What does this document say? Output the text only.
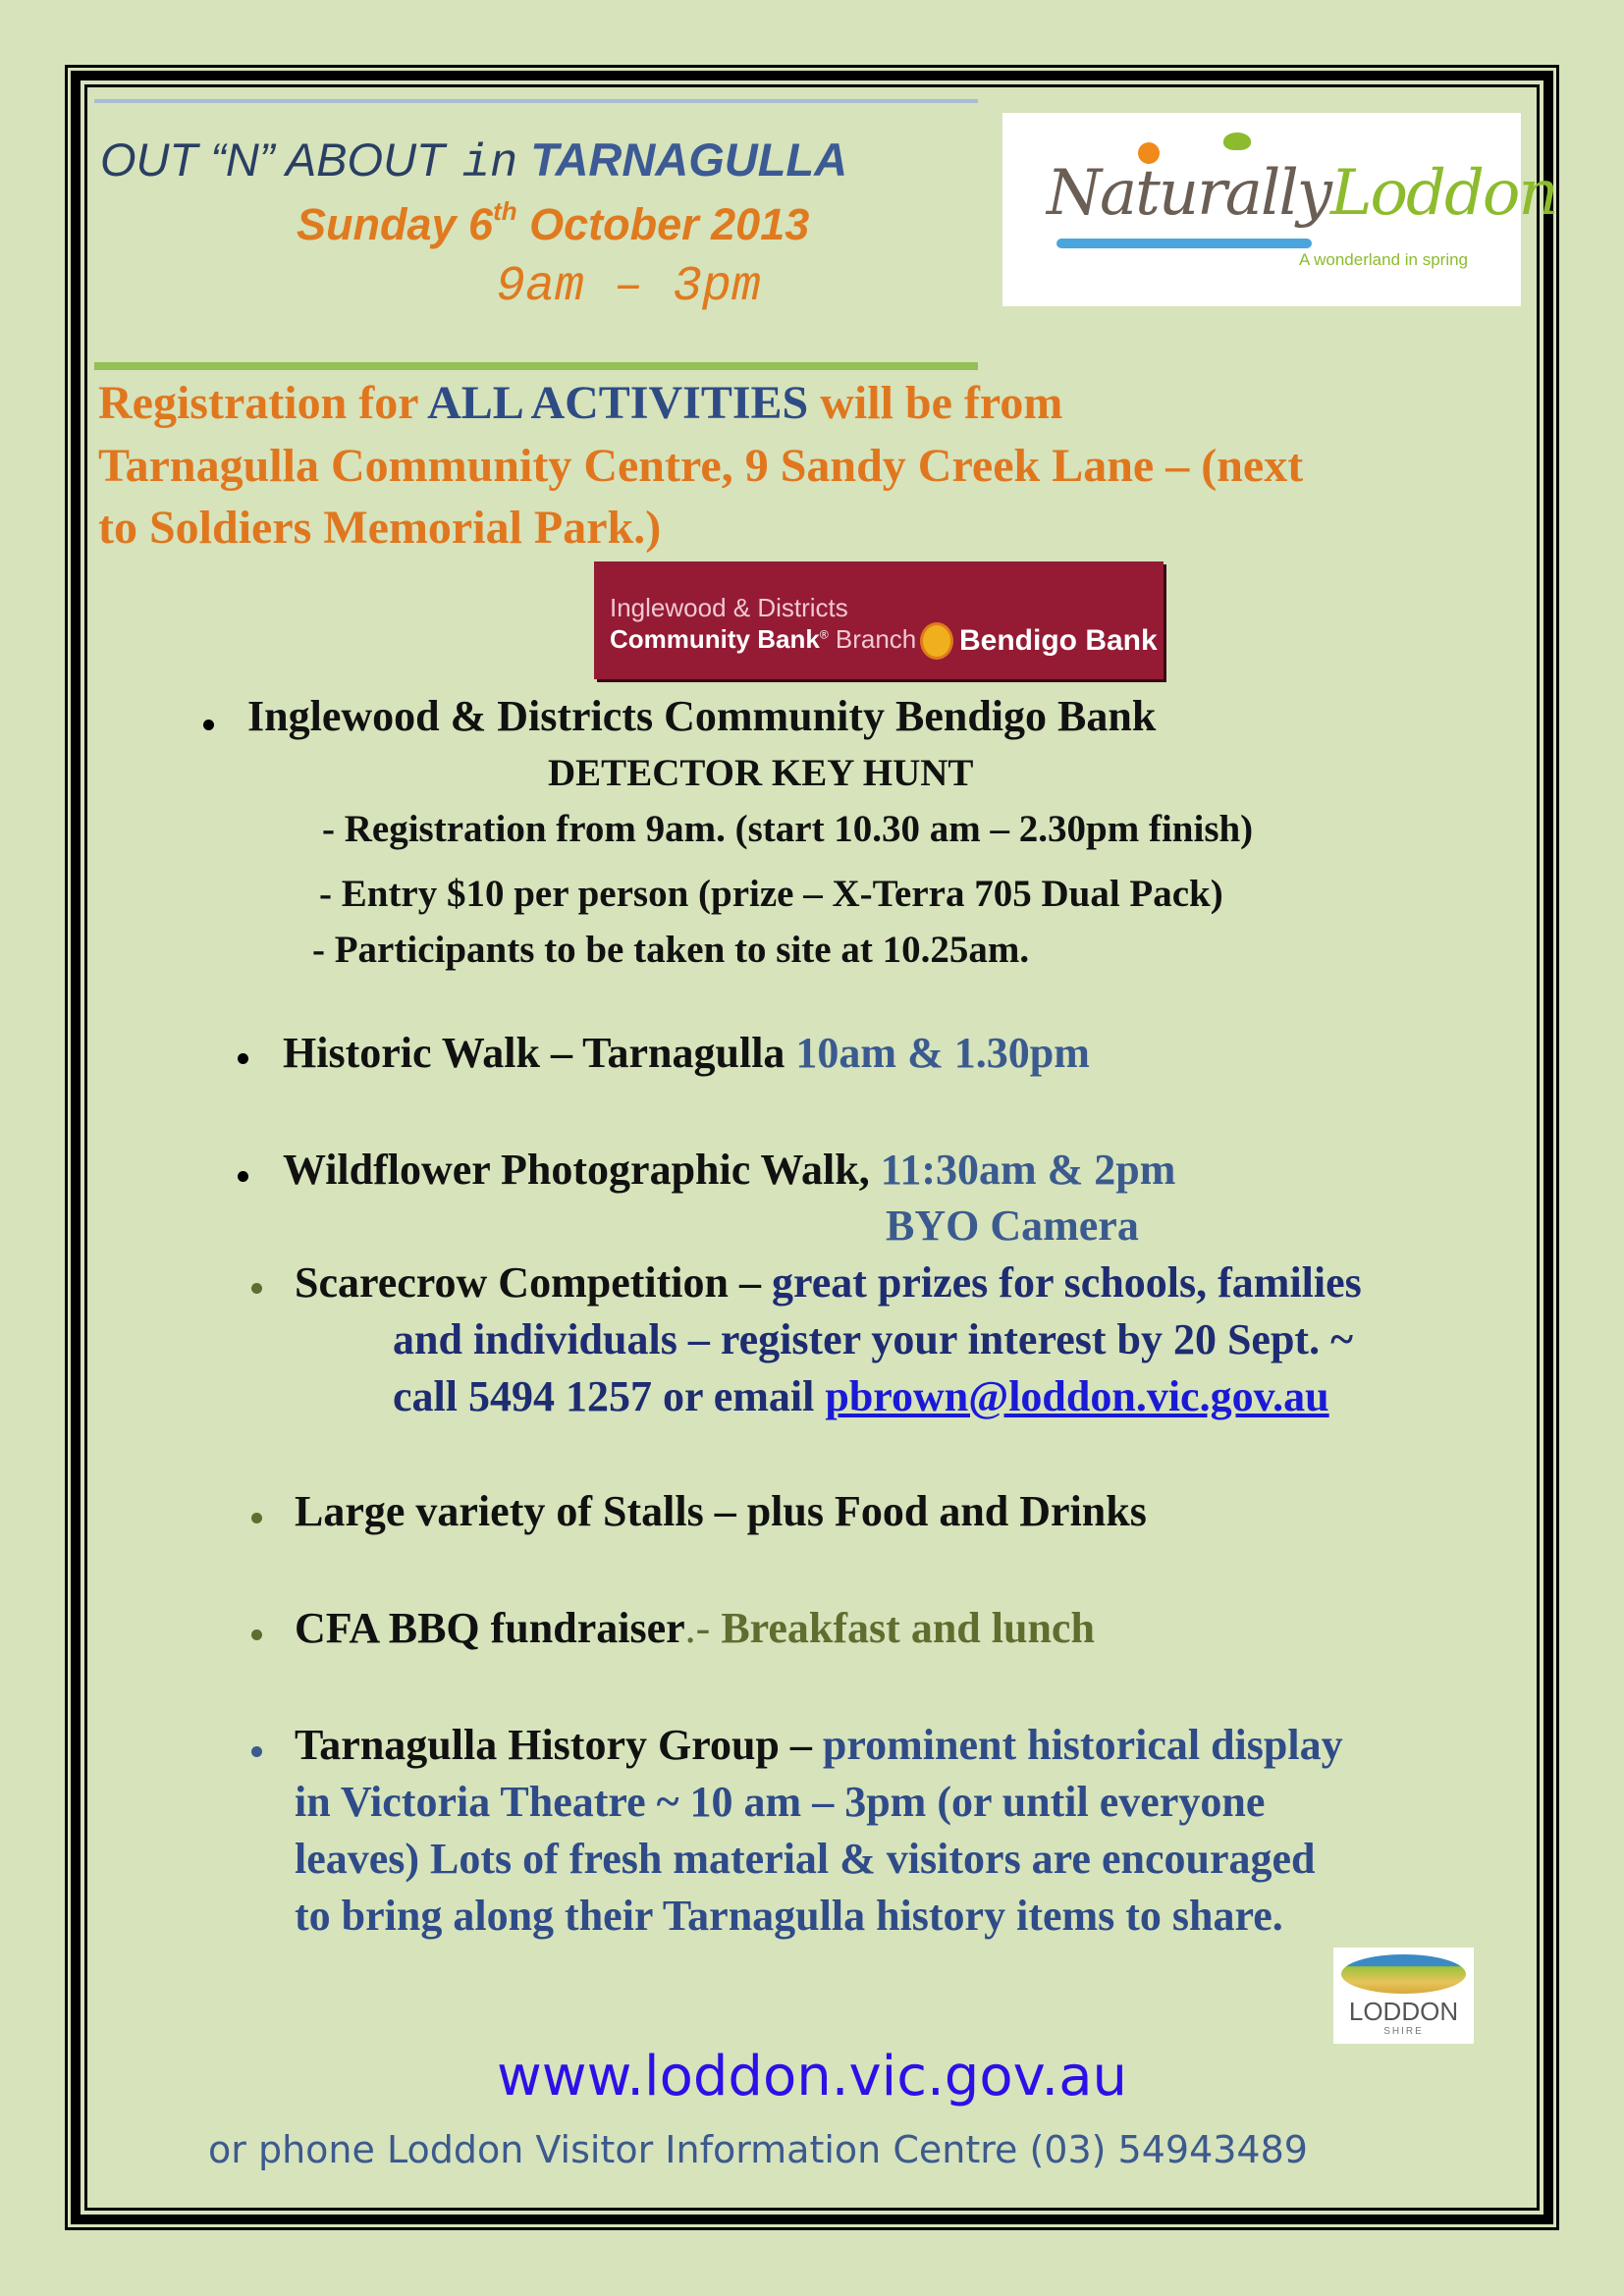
OUT “N” ABOUT in TARNAGULLA
Sunday 6th October 2013
9am – 3pm
NaturallyLoddon
A wonderland in spring
Registration for ALL ACTIVITIES will be from
Tarnagulla Community Centre, 9 Sandy Creek Lane – (next
to Soldiers Memorial Park.)
Inglewood & Districts
Community Bank® Branch Bendigo Bank
Inglewood & Districts Community Bendigo Bank
DETECTOR KEY HUNT
- Registration from 9am. (start 10.30 am – 2.30pm finish)
- Entry $10 per person (prize – X-Terra 705 Dual Pack)
- Participants to be taken to site at 10.25am.
Historic Walk – Tarnagulla 10am & 1.30pm
Wildflower Photographic Walk, 11:30am & 2pm
BYO Camera
Scarecrow Competition – great prizes for schools, families
and individuals – register your interest by 20 Sept. ~
call 5494 1257 or email pbrown@loddon.vic.gov.au
Large variety of Stalls – plus Food and Drinks
CFA BBQ fundraiser.- Breakfast and lunch
Tarnagulla History Group – prominent historical display
in Victoria Theatre ~ 10 am – 3pm (or until everyone
leaves) Lots of fresh material & visitors are encouraged
to bring along their Tarnagulla history items to share.
LODDON
SHIRE
www.loddon.vic.gov.au
or phone Loddon Visitor Information Centre (03) 54943489
